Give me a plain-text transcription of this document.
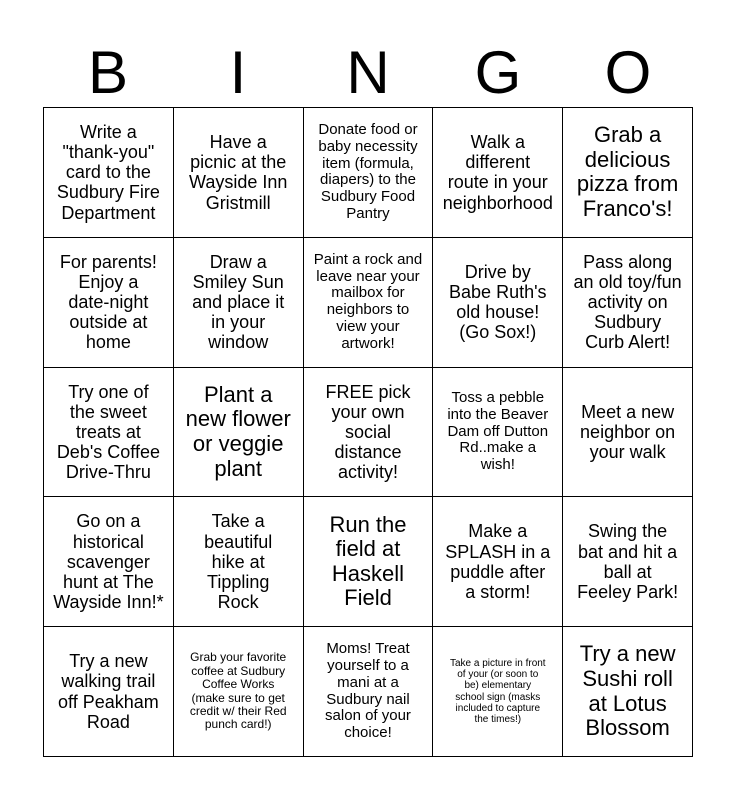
B	I	N	G	O
Write a
"thank-you"
card to the
Sudbury Fire
Department
Have a
picnic at the
Wayside Inn
Gristmill
Donate food or
baby necessity
item (formula,
diapers) to the
Sudbury Food
Pantry
Walk a
different
route in your
neighborhood
Grab a
delicious
pizza from
Franco's!
For parents!
Enjoy a
date-night
outside at
home
Draw a
Smiley Sun
and place it
in your
window
Paint a rock and
leave near your
mailbox for
neighbors to
view your
artwork!
Drive by
Babe Ruth's
old house!
(Go Sox!)
Pass along
an old toy/fun
activity on
Sudbury
Curb Alert!
Try one of
the sweet
treats at
Deb's Coffee
Drive-Thru
Plant a
new flower
or veggie
plant
FREE pick
your own
social
distance
activity!
Toss a pebble
into the Beaver
Dam off Dutton
Rd..make a
wish!
Meet a new
neighbor on
your walk
Go on a
historical
scavenger
hunt at The
Wayside Inn!*
Take a
beautiful
hike at
Tippling
Rock
Run the
field at
Haskell
Field
Make a
SPLASH in a
puddle after
a storm!
Swing the
bat and hit a
ball at
Feeley Park!
Try a new
walking trail
off Peakham
Road
Grab your favorite
coffee at Sudbury
Coffee Works
(make sure to get
credit w/ their Red
punch card!)
Moms! Treat
yourself to a
mani at a
Sudbury nail
salon of your
choice!
Take a picture in front
of your (or soon to
be) elementary
school sign (masks
included to capture
the times!)
Try a new
Sushi roll
at Lotus
Blossom
